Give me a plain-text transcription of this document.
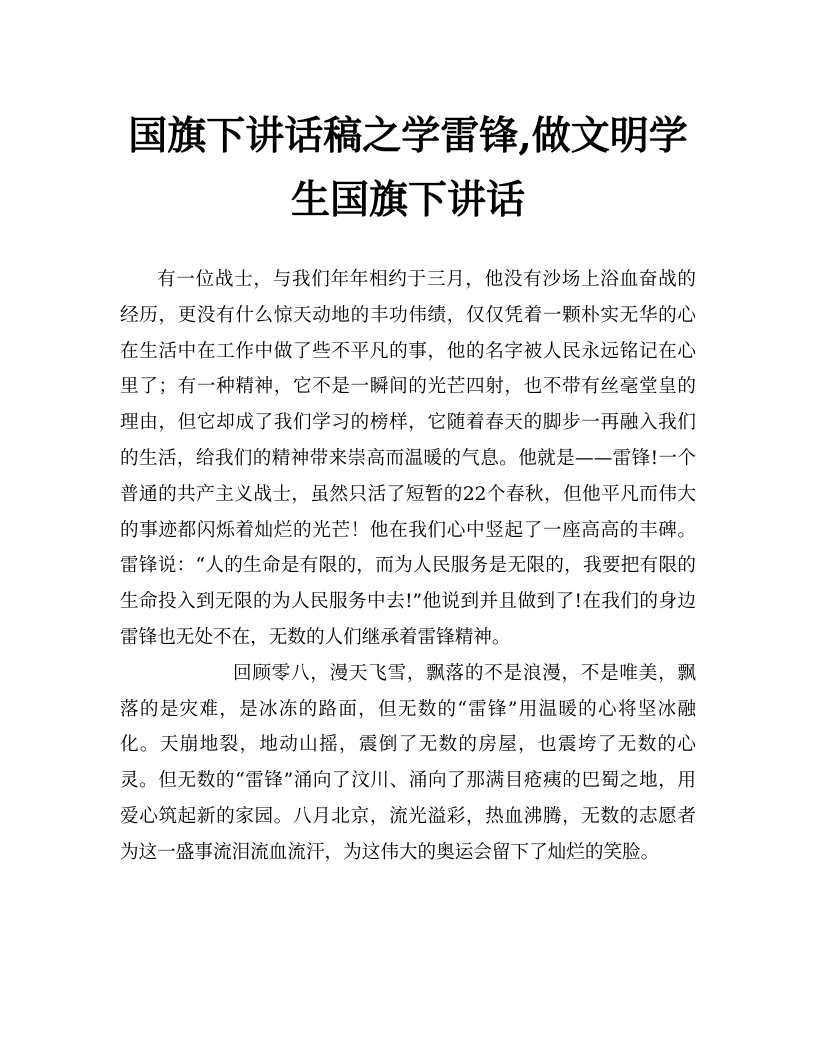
国旗下讲话稿之学雷锋,做文明学生国旗下讲话

有一位战士，与我们年年相约于三月，他没有沙场上浴血奋战的经历，更没有什么惊天动地的丰功伟绩，仅仅凭着一颗朴实无华的心在生活中在工作中做了些不平凡的事，他的名字被人民永远铭记在心里了；有一种精神，它不是一瞬间的光芒四射，也不带有丝毫堂皇的理由，但它却成了我们学习的榜样，它随着春天的脚步一再融入我们的生活，给我们的精神带来崇高而温暖的气息。他就是——雷锋!一个普通的共产主义战士，虽然只活了短暂的22个春秋，但他平凡而伟大的事迹都闪烁着灿烂的光芒！他在我们心中竖起了一座高高的丰碑。雷锋说：“人的生命是有限的，而为人民服务是无限的，我要把有限的生命投入到无限的为人民服务中去!”他说到并且做到了!在我们的身边雷锋也无处不在，无数的人们继承着雷锋精神。

回顾零八，漫天飞雪，飘落的不是浪漫，不是唯美，飘落的是灾难，是冰冻的路面，但无数的“雷锋”用温暖的心将坚冰融化。天崩地裂，地动山摇，震倒了无数的房屋，也震垮了无数的心灵。但无数的“雷锋”涌向了汶川、涌向了那满目疮痍的巴蜀之地，用爱心筑起新的家园。八月北京，流光溢彩，热血沸腾，无数的志愿者为这一盛事流泪流血流汗，为这伟大的奥运会留下了灿烂的笑脸。
